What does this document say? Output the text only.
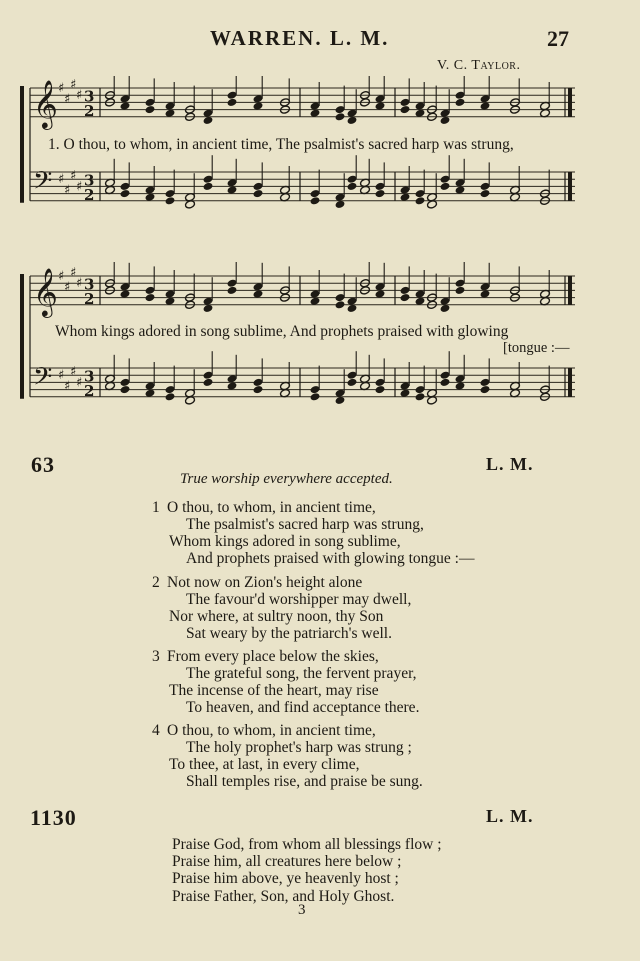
WARREN. L. M.	27
V. C. Taylor.
𝄞 ♯
♯
♯
♯ 3
2
𝄢 ♯
♯
♯
♯ 3
2
1. O thou, to whom, in ancient time, The psalmist's sacred harp was strung,
𝄞 ♯
♯
♯
♯ 3
2
𝄢 ♯
♯
♯
♯ 3
2
Whom kings adored in song sublime, And prophets praised with glowing
[tongue :—
63	L. M.
True worship everywhere accepted.
1 O thou, to whom, in ancient time,
The psalmist's sacred harp was strung,
Whom kings adored in song sublime,
And prophets praised with glowing tongue :—
2 Not now on Zion's height alone
The favour'd worshipper may dwell,
Nor where, at sultry noon, thy Son
Sat weary by the patriarch's well.
3 From every place below the skies,
The grateful song, the fervent prayer,
The incense of the heart, may rise
To heaven, and find acceptance there.
4 O thou, to whom, in ancient time,
The holy prophet's harp was strung ;
To thee, at last, in every clime,
Shall temples rise, and praise be sung.
1130	L. M.
Praise God, from whom all blessings flow ;
Praise him, all creatures here below ;
Praise him above, ye heavenly host ;
Praise Father, Son, and Holy Ghost.
3
